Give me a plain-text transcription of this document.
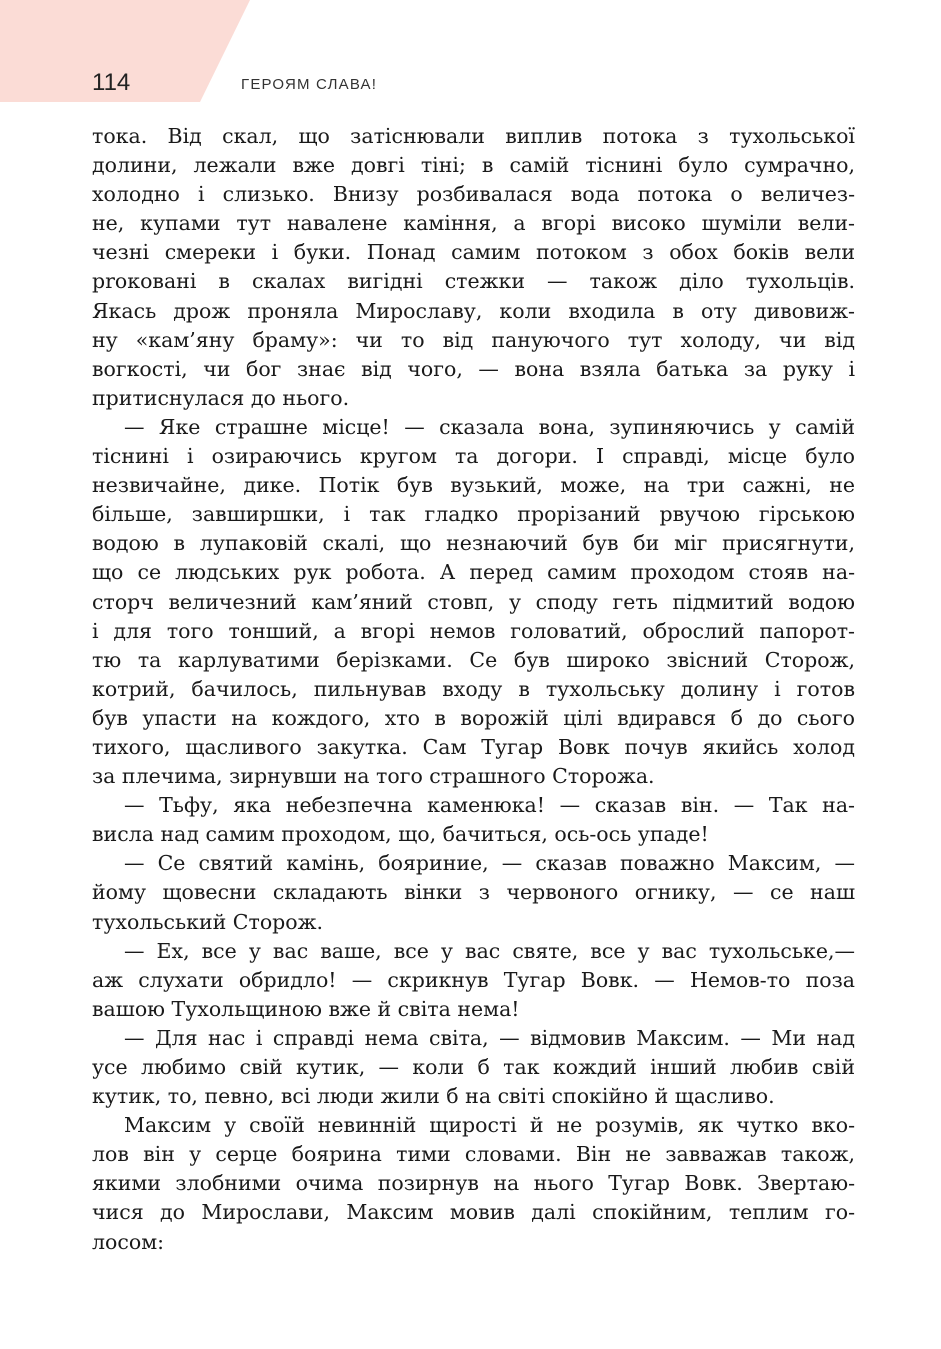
114	ГЕРОЯМ СЛАВА!
тока. Від скал, що затіснювали виплив потока з тухольської
долини, лежали вже довгі тіні; в самій тіснині було сумрачно,
холодно і слизько. Внизу розбивалася вода потока о величез-
не, купами тут навалене каміння, а вгорі високо шуміли вели-
чезні смереки і буки. Понад самим потоком з обох боків вели
proковані в скалах вигідні стежки — також діло тухольців.
Якась дрож проняла Мирославу, коли входила в оту дивовиж-
ну «кам’яну браму»: чи то від пануючого тут холоду, чи від
вогкості, чи бог знає від чого, — вона взяла батька за руку і
притиснулася до нього.
— Яке страшне місце! — сказала вона, зупиняючись у самій
тіснині і озираючись кругом та догори. І справді, місце було
незвичайне, дике. Потік був вузький, може, на три сажні, не
більше, завширшки, і так гладко прорізаний рвучою гірською
водою в лупаковій скалі, що незнаючий був би міг присягнути,
що се людських рук робота. А перед самим проходом стояв на-
сторч величезний кам’яний стовп, у споду геть підмитий водою
і для того тонший, а вгорі немов головатий, оброслий папорот-
тю та карлуватими берізками. Се був широко звісний Сторож,
котрий, бачилось, пильнував входу в тухольську долину і готов
був упасти на кождого, хто в ворожій цілі вдирався б до сього
тихого, щасливого закутка. Сам Тугар Вовк почув якийсь холод
за плечима, зирнувши на того страшного Сторожа.
— Тьфу, яка небезпечна каменюка! — сказав він. — Так на-
висла над самим проходом, що, бачиться, ось-ось упаде!
— Се святий камінь, бояриние, — сказав поважно Максим, —
йому щовесни складають вінки з червоного огнику, — се наш
тухольський Сторож.
— Ех, все у вас ваше, все у вас святе, все у вас тухольське,—
аж слухати обридло! — скрикнув Тугар Вовк. — Немов-то поза
вашою Тухольщиною вже й світа нема!
— Для нас і справді нема світа, — відмовив Максим. — Ми над
усе любимо свій кутик, — коли б так кождий інший любив свій
кутик, то, певно, всі люди жили б на світі спокійно й щасливо.
Максим у своїй невинній щирості й не розумів, як чутко вко-
лов він у серце боярина тими словами. Він не завважав також,
якими злобними очима позирнув на нього Тугар Вовк. Звертаю-
чися до Мирослави, Максим мовив далі спокійним, теплим го-
лосом:
